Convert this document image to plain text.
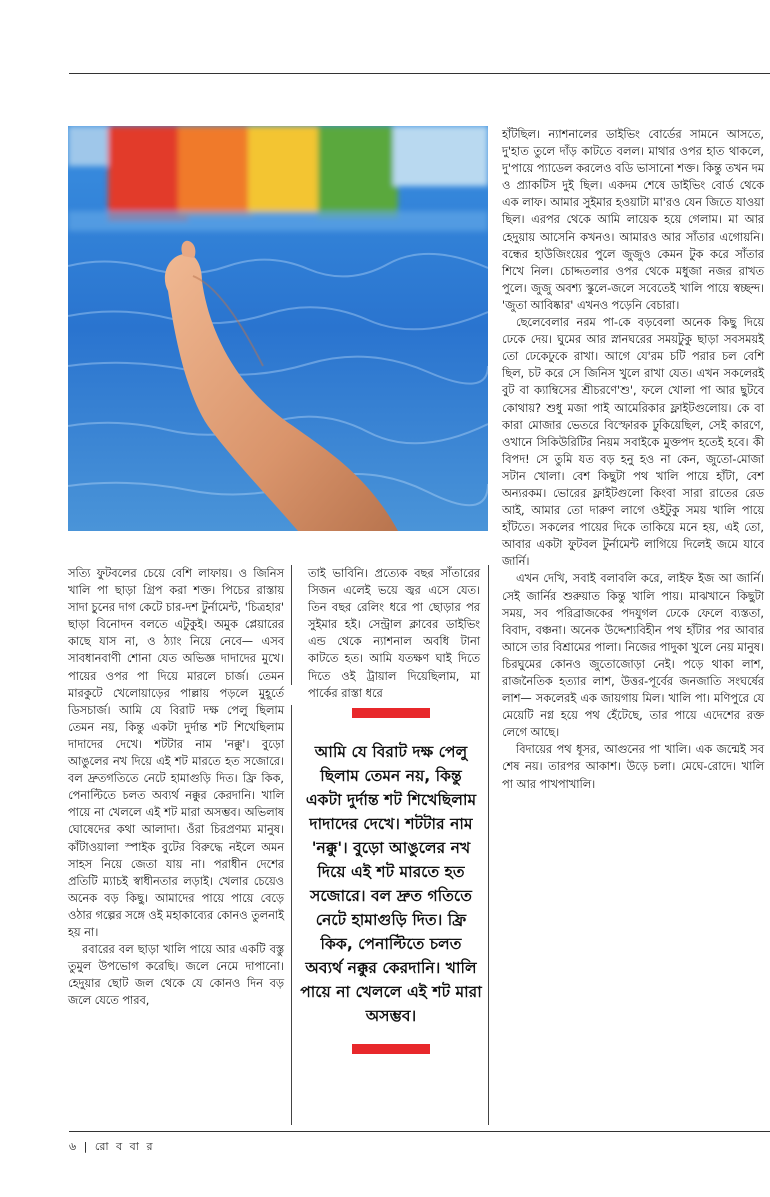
সত্যি ফুটবলের চেয়ে বেশি লাফায়। ও জিনিস খালি পা ছাড়া গ্রিপ করা শক্ত। পিচের রাস্তায় সাদা চুনের দাগ কেটে চার-দশ টুর্নামেন্ট, 'চিত্রহার' ছাড়া বিনোদন বলতে এটুকুই। অমুক প্লেয়ারের কাছে যাস না, ও ঠ্যাং নিয়ে নেবে— এসব সাবধানবাণী শোনা যেত অভিজ্ঞ দাদাদের মুখে। পায়ের ওপর পা দিয়ে মারলে চার্জ। তেমন মারকুটে খেলোয়াড়ের পাল্লায় পড়লে মুহূর্তে ডিসচার্জ। আমি যে বিরাট দক্ষ পেলু ছিলাম তেমন নয়, কিন্তু একটা দুর্দান্ত শট শিখেছিলাম দাদাদের দেখে। শটটার নাম 'নক্কু'। বুড়ো আঙুলের নখ দিয়ে এই শট মারতে হত সজোরে। বল দ্রুতগতিতে নেটে হামাগুড়ি দিত। ফ্রি কিক, পেনাল্টিতে চলত অব্যর্থ নক্কুর কেরদানি। খালি পায়ে না খেললে এই শট মারা অসম্ভব। অভিলাষ ঘোষেদের কথা আলাদা। ওঁরা চিরপ্রণম্য মানুষ। কাঁটাওয়ালা স্পাইক বুটের বিরুদ্ধে নইলে অমন সাহস নিয়ে জেতা যায় না। পরাধীন দেশের প্রতিটি ম্যাচই স্বাধীনতার লড়াই। খেলার চেয়েও অনেক বড় কিছু। আমাদের পায়ে পায়ে বেড়ে ওঠার গল্পের সঙ্গে ওই মহাকাব্যের কোনও তুলনাই হয় না।

রবারের বল ছাড়া খালি পায়ে আর একটি বস্তু তুমুল উপভোগ করেছি। জলে নেমে দাপানো। হেদুয়ার ছোট জল থেকে যে কোনও দিন বড় জলে যেতে পারব,

তাই ভাবিনি। প্রত্যেক বছর সাঁতারের সিজন এলেই ভয়ে জ্বর এসে যেত। তিন বছর রেলিং ধরে পা ছোড়ার পর সুইমার হই। সেন্ট্রাল ক্লাবের ডাইভিং এন্ড থেকে ন্যাশনাল অবধি টানা কাটতে হত। আমি যতক্ষণ ঘাই দিতে দিতে ওই ট্রায়াল দিয়েছিলাম, মা পার্কের রাস্তা ধরে

আমি যে বিরাট দক্ষ পেলু ছিলাম তেমন নয়, কিন্তু একটা দুর্দান্ত শট শিখেছিলাম দাদাদের দেখে। শটটার নাম 'নক্কু'। বুড়ো আঙুলের নখ দিয়ে এই শট মারতে হত সজোরে। বল দ্রুত গতিতে নেটে হামাগুড়ি দিত। ফ্রি কিক, পেনাল্টিতে চলত অব্যর্থ নক্কুর কেরদানি। খালি পায়ে না খেললে এই শট মারা অসম্ভব।

হাঁটছিল। ন্যাশনালের ডাইভিং বোর্ডের সামনে আসতে, দু'হাত তুলে দাঁড় কাটতে বলল। মাথার ওপর হাত থাকলে, দু'পায়ে প্যাডেল করলেও বডি ভাসানো শক্ত। কিন্তু তখন দম ও প্র্যাকটিস দুই ছিল। একদম শেষে ডাইভিং বোর্ড থেকে এক লাফ। আমার সুইমার হওয়াটা মা'রও যেন জিতে যাওয়া ছিল। এরপর থেকে আমি লায়েক হয়ে গেলাম। মা আর হেদুয়ায় আসেনি কখনও। আমারও আর সাঁতার এগোয়নি। বন্ধের হাউজিংয়ের পুলে জুজুও কেমন টুক করে সাঁতার শিখে নিল। চোদ্দতলার ওপর থেকে মধুজা নজর রাখত পুলে। জুজু অবশ্য স্কুলে-জলে সবেতেই খালি পায়ে স্বচ্ছন্দ। 'জুতা আবিষ্কার' এখনও পড়েনি বেচারা।

ছেলেবেলার নরম পা-কে বড়বেলা অনেক কিছু দিয়ে ঢেকে দেয়। ঘুমের আর স্নানঘরের সময়টুকু ছাড়া সবসময়ই তো ঢেকেঢুকে রাখা। আগে যে'রম চটি পরার চল বেশি ছিল, চট করে সে জিনিস খুলে রাখা যেত। এখন সকলেরই বুট বা ক্যাম্বিসের শ্রীচরণে'শু', ফলে খোলা পা আর ছুটবে কোথায়? শুধু মজা পাই আমেরিকার ফ্লাইটগুলোয়। কে বা কারা মোজার ভেতরে বিস্ফোরক ঢুকিয়েছিল, সেই কারণে, ওখানে সিকিউরিটির নিয়ম সবাইকে মুক্তপদ হতেই হবে। কী বিপদ! সে তুমি যত বড় হনু হও না কেন, জুতো-মোজা সটান খোলা। বেশ কিছুটা পথ খালি পায়ে হাঁটা, বেশ অন্যরকম। ভোরের ফ্লাইটগুলো কিংবা সারা রাতের রেড আই, আমার তো দারুণ লাগে ওইটুকু সময় খালি পায়ে হাঁটতে। সকলের পায়ের দিকে তাকিয়ে মনে হয়, এই তো, আবার একটা ফুটবল টুর্নামেন্ট লাগিয়ে দিলেই জমে যাবে জার্নি।

এখন দেখি, সবাই বলাবলি করে, লাইফ ইজ আ জার্নি। সেই জার্নির শুরুয়াত কিন্তু খালি পায়। মাঝখানে কিছুটা সময়, সব পরিব্রাজকের পদযুগল ঢেকে ফেলে ব্যস্ততা, বিবাদ, বঞ্চনা। অনেক উদ্দেশ্যবিহীন পথ হাঁটার পর আবার আসে তার বিশ্রামের পালা। নিজের পাদুকা খুলে নেয় মানুষ। চিরঘুমের কোনও জুতোজোড়া নেই। পড়ে থাকা লাশ, রাজনৈতিক হত্যার লাশ, উত্তর-পূর্বের জনজাতি সংঘর্ষের লাশ— সকলেরই এক জায়গায় মিল। খালি পা। মণিপুরে যে মেয়েটি নগ্ন হয়ে পথ হেঁটেছে, তার পায়ে এদেশের রক্ত লেগে আছে।

বিদায়ের পথ ধূসর, আগুনের পা খালি। এক জন্মেই সব শেষ নয়। তারপর আকাশ। উড়ে চলা। মেঘে-রোদে। খালি পা আর পাখপাখালি।

৬ | রো ব বা র
